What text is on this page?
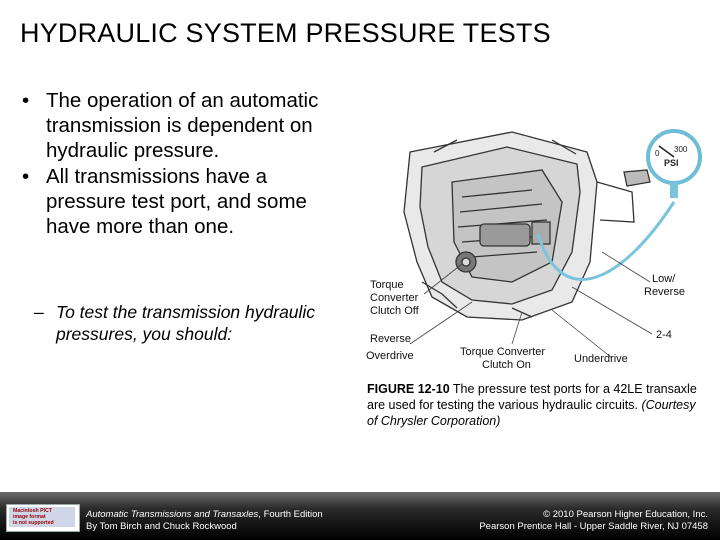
HYDRAULIC SYSTEM PRESSURE TESTS
• The operation of an automatic transmission is dependent on hydraulic pressure.
• All transmissions have a pressure test port, and some have more than one.
– To test the transmission hydraulic pressures, you should:
0 300
PSI
Torque
Converter
Clutch Off
Low/
Reverse
Reverse
Overdrive
2-4
Torque Converter
Clutch On	Underdrive
FIGURE 12-10 The pressure test ports for a 42LE transaxle are used for testing the various hydraulic circuits. (Courtesy of Chrysler Corporation)
Macintosh PICT
image format
is not supported
Automatic Transmissions and Transaxles, Fourth Edition
By Tom Birch and Chuck Rockwood
© 2010 Pearson Higher Education, Inc.
Pearson Prentice Hall - Upper Saddle River, NJ 07458
